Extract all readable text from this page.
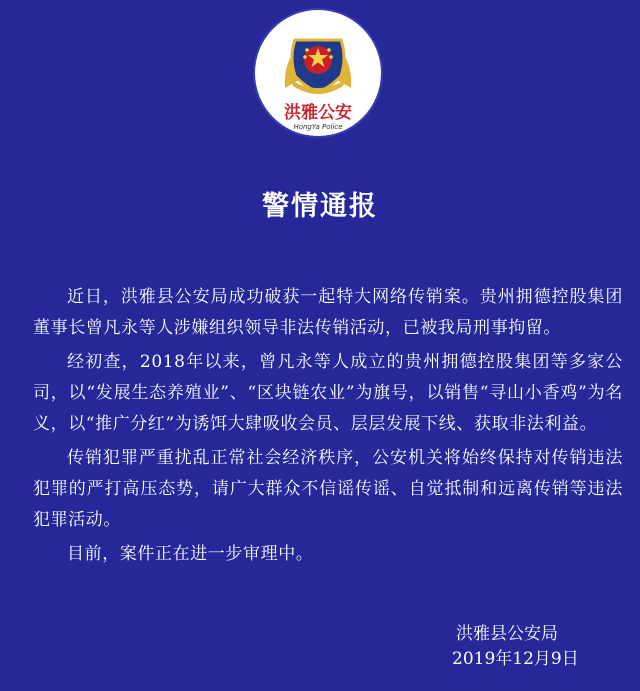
洪雅公安
HongYa Police
警情通报

近日，洪雅县公安局成功破获一起特大网络传销案。贵州拥德控股集团董事长曾凡永等人涉嫌组织领导非法传销活动，已被我局刑事拘留。

经初查，2018年以来，曾凡永等人成立的贵州拥德控股集团等多家公司，以“发展生态养殖业”、“区块链农业”为旗号，以销售“寻山小香鸡”为名义，以“推广分红”为诱饵大肆吸收会员、层层发展下线、获取非法利益。

传销犯罪严重扰乱正常社会经济秩序，公安机关将始终保持对传销违法犯罪的严打高压态势，请广大群众不信谣传谣、自觉抵制和远离传销等违法犯罪活动。

目前，案件正在进一步审理中。

洪雅县公安局
2019年12月9日
